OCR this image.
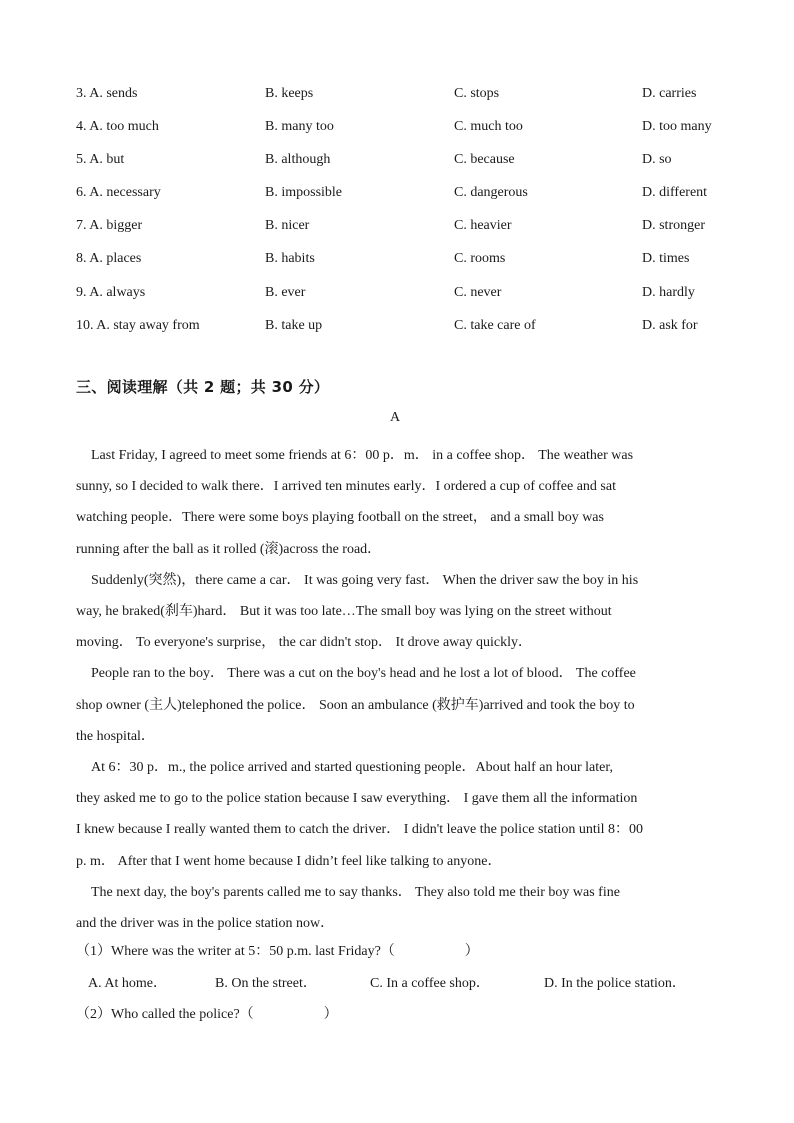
3. A. sends	B. keeps	C. stops	D. carries
4. A. too much	B. many too	C. much too	D. too many
5. A. but	B. although	C. because	D. so
6. A. necessary	B. impossible	C. dangerous	D. different
7. A. bigger	B. nicer	C. heavier	D. stronger
8. A. places	B. habits	C. rooms	D. times
9. A. always	B. ever	C. never	D. hardly
10. A. stay away from	B. take up	C. take care of	D. ask for
三、阅读理解（共 2 题；共 30 分）
A
Last Friday, I agreed to meet some friends at 6：00 p．m． in a coffee shop． The weather was
sunny, so I decided to walk there．I arrived ten minutes early．I ordered a cup of coffee and sat
watching people．There were some boys playing football on the street， and a small boy was
running after the ball as it rolled (滚)across the road．
Suddenly(突然)，there came a car． It was going very fast． When the driver saw the boy in his
way, he braked(刹车)hard． But it was too late…The small boy was lying on the street without
moving． To everyone's surprise， the car didn't stop． It drove away quickly．
People ran to the boy． There was a cut on the boy's head and he lost a lot of blood． The coffee
shop owner (主人)telephoned the police． Soon an ambulance (救护车)arrived and took the boy to
the hospital．
At 6：30 p．m., the police arrived and started questioning people．About half an hour later,
they asked me to go to the police station because I saw everything． I gave them all the information
I knew because I really wanted them to catch the driver． I didn't leave the police station until 8：00
p. m． After that I went home because I didn’t feel like talking to anyone．
The next day, the boy's parents called me to say thanks． They also told me their boy was fine
and the driver was in the police station now．
（1）Where was the writer at 5：50 p.m. last Friday?（　　　　　）
A. At home．	B. On the street．	C. In a coffee shop．	D. In the police station．
（2）Who called the police?（　　　　　）
